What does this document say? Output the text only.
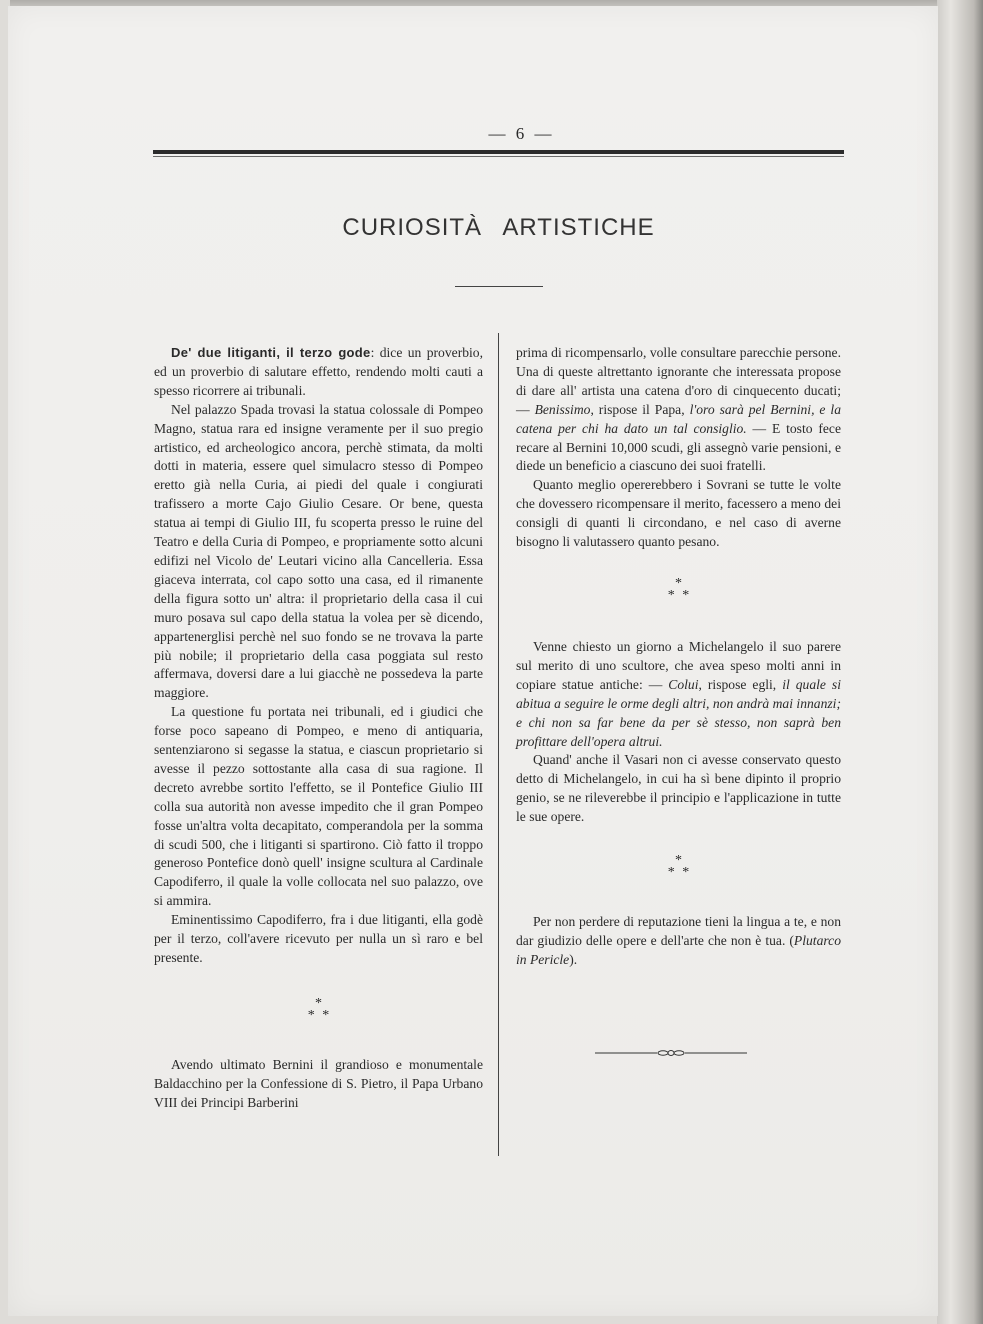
— 6 —
CURIOSITÀ ARTISTICHE

De' due litiganti, il terzo gode: dice un proverbio, ed un proverbio di salutare effetto, rendendo molti cauti a spesso ricorrere ai tribunali.

Nel palazzo Spada trovasi la statua colossale di Pompeo Magno, statua rara ed insigne veramente per il suo pregio artistico, ed archeologico ancora, perchè stimata, da molti dotti in materia, essere quel simulacro stesso di Pompeo eretto già nella Curia, ai piedi del quale i congiurati trafissero a morte Cajo Giulio Cesare. Or bene, questa statua ai tempi di Giulio III, fu scoperta presso le ruine del Teatro e della Curia di Pompeo, e propriamente sotto alcuni edifizi nel Vicolo de' Leutari vicino alla Cancelleria. Essa giaceva interrata, col capo sotto una casa, ed il rimanente della figura sotto un' altra: il proprietario della casa il cui muro posava sul capo della statua la volea per sè dicendo, appartenerglisi perchè nel suo fondo se ne trovava la parte più nobile; il proprietario della casa poggiata sul resto affermava, doversi dare a lui giacchè ne possedeva la parte maggiore.

La questione fu portata nei tribunali, ed i giudici che forse poco sapeano di Pompeo, e meno di antiquaria, sentenziarono si segasse la statua, e ciascun proprietario si avesse il pezzo sottostante alla casa di sua ragione. Il decreto avrebbe sortito l'effetto, se il Pontefice Giulio III colla sua autorità non avesse impedito che il gran Pompeo fosse un'altra volta decapitato, comperandola per la somma di scudi 500, che i litiganti si spartirono. Ciò fatto il troppo generoso Pontefice donò quell' insigne scultura al Cardinale Capodiferro, il quale la volle collocata nel suo palazzo, ove si ammira.

Eminentissimo Capodiferro, fra i due litiganti, ella godè per il terzo, coll'avere ricevuto per nulla un sì raro e bel presente.

*
* *

Avendo ultimato Bernini il grandioso e monumentale Baldacchino per la Confessione di S. Pietro, il Papa Urbano VIII dei Principi Barberini

prima di ricompensarlo, volle consultare parecchie persone. Una di queste altrettanto ignorante che interessata propose di dare all' artista una catena d'oro di cinquecento ducati; — Benissimo, rispose il Papa, l'oro sarà pel Bernini, e la catena per chi ha dato un tal consiglio. — E tosto fece recare al Bernini 10,000 scudi, gli assegnò varie pensioni, e diede un beneficio a ciascuno dei suoi fratelli.

Quanto meglio opererebbero i Sovrani se tutte le volte che dovessero ricompensare il merito, facessero a meno dei consigli di quanti li circondano, e nel caso di averne bisogno li valutassero quanto pesano.

*
* *

Venne chiesto un giorno a Michelangelo il suo parere sul merito di uno scultore, che avea speso molti anni in copiare statue antiche: — Colui, rispose egli, il quale si abitua a seguire le orme degli altri, non andrà mai innanzi; e chi non sa far bene da per sè stesso, non saprà ben profittare dell'opera altrui.

Quand' anche il Vasari non ci avesse conservato questo detto di Michelangelo, in cui ha sì bene dipinto il proprio genio, se ne rileverebbe il principio e l'applicazione in tutte le sue opere.

*
* *

Per non perdere di reputazione tieni la lingua a te, e non dar giudizio delle opere e dell'arte che non è tua. (Plutarco in Pericle).
